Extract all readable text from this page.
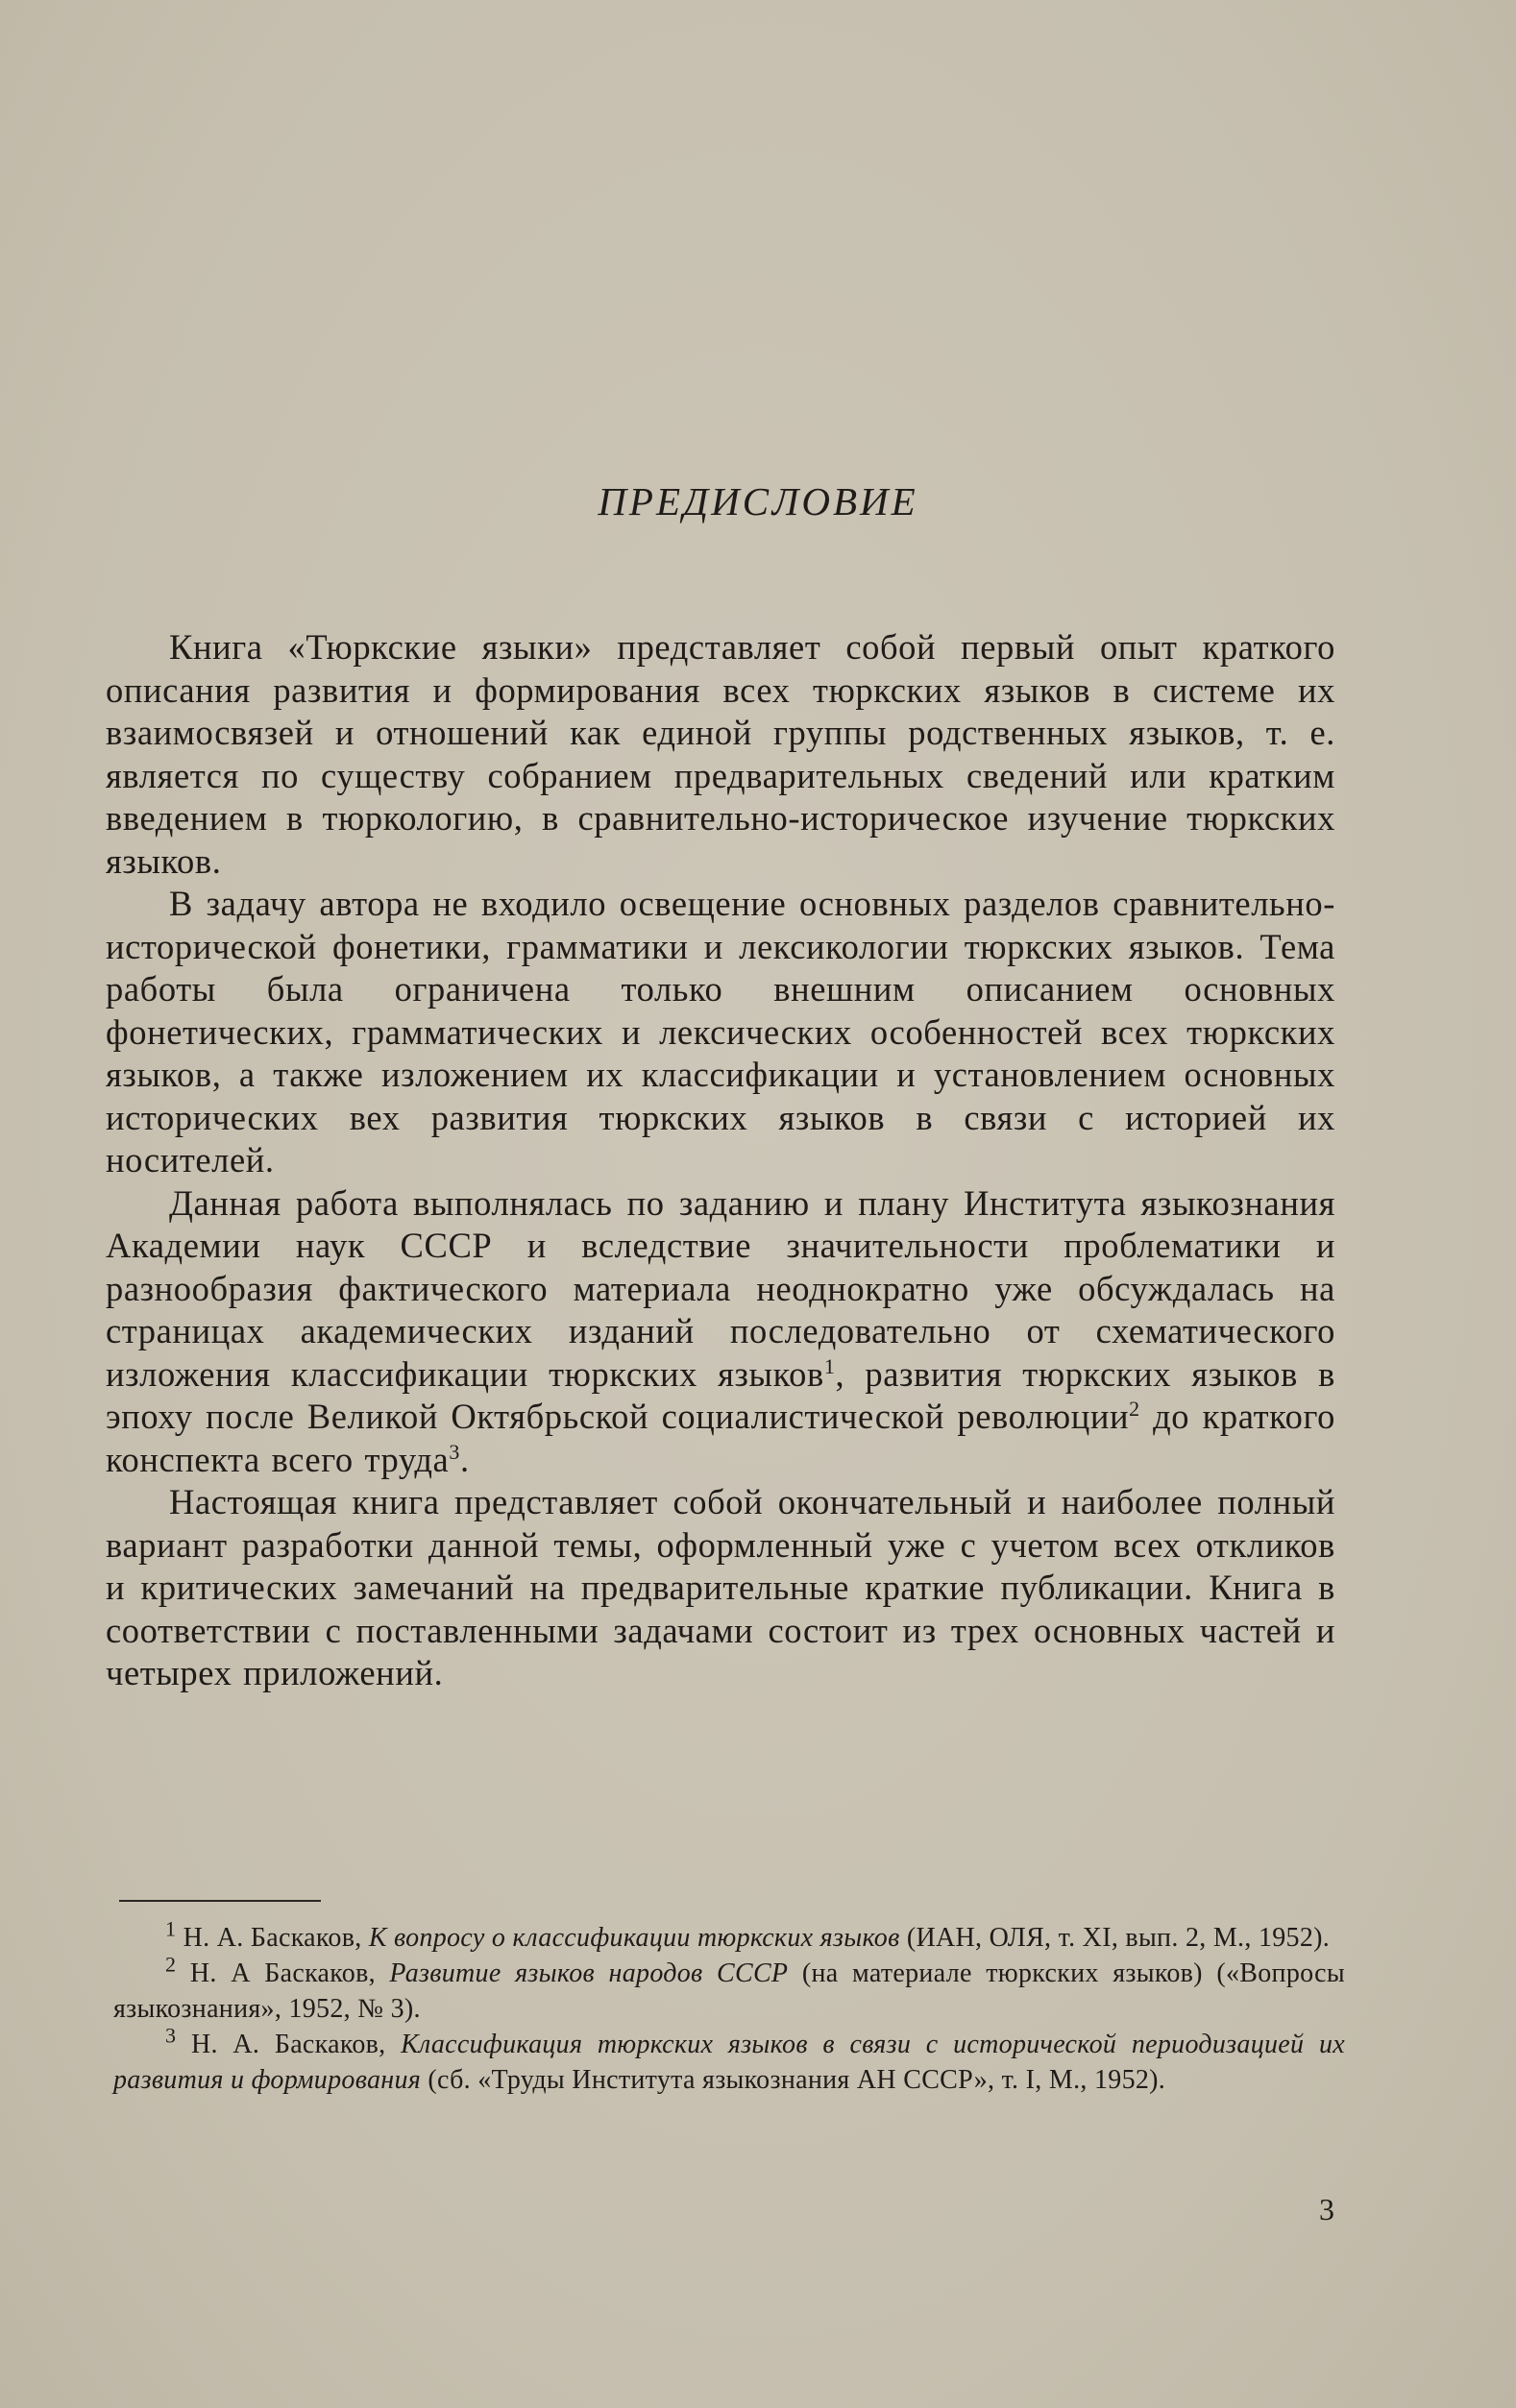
ПРЕДИСЛОВИЕ

Книга «Тюркские языки» представляет собой первый опыт краткого описания развития и формирования всех тюркских языков в системе их взаимосвязей и отношений как единой группы родственных языков, т. е. является по существу собранием предварительных сведений или кратким введением в тюркологию, в сравнительно-историческое изучение тюркских языков.

В задачу автора не входило освещение основных разделов сравнительно-исторической фонетики, грамматики и лексикологии тюркских языков. Тема работы была ограничена только внешним описанием основных фонетических, грамматических и лексических особенностей всех тюркских языков, а также изложением их классификации и установлением основных исторических вех развития тюркских языков в связи с историей их носителей.

Данная работа выполнялась по заданию и плану Института языкознания Академии наук СССР и вследствие значительности проблематики и разнообразия фактического материала неоднократно уже обсуждалась на страницах академических изданий последовательно от схематического изложения классификации тюркских языков$^1$, развития тюркских языков в эпоху после Великой Октябрьской социалистической революции$^2$ до краткого конспекта всего труда$^3$.

Настоящая книга представляет собой окончательный и наиболее полный вариант разработки данной темы, оформленный уже с учетом всех откликов и критических замечаний на предварительные краткие публикации. Книга в соответствии с поставленными задачами состоит из трех основных частей и четырех приложений.

$^1$ Н. А. Баскаков, К вопросу о классификации тюркских языков (ИАН, ОЛЯ, т. XI, вып. 2, М., 1952).

$^2$ Н. А Баскаков, Развитие языков народов СССР (на материале тюркских языков) («Вопросы языкознания», 1952, № 3).

$^3$ Н. А. Баскаков, Классификация тюркских языков в связи с исторической периодизацией их развития и формирования (сб. «Труды Института языкознания АН СССР», т. I, М., 1952).

3
